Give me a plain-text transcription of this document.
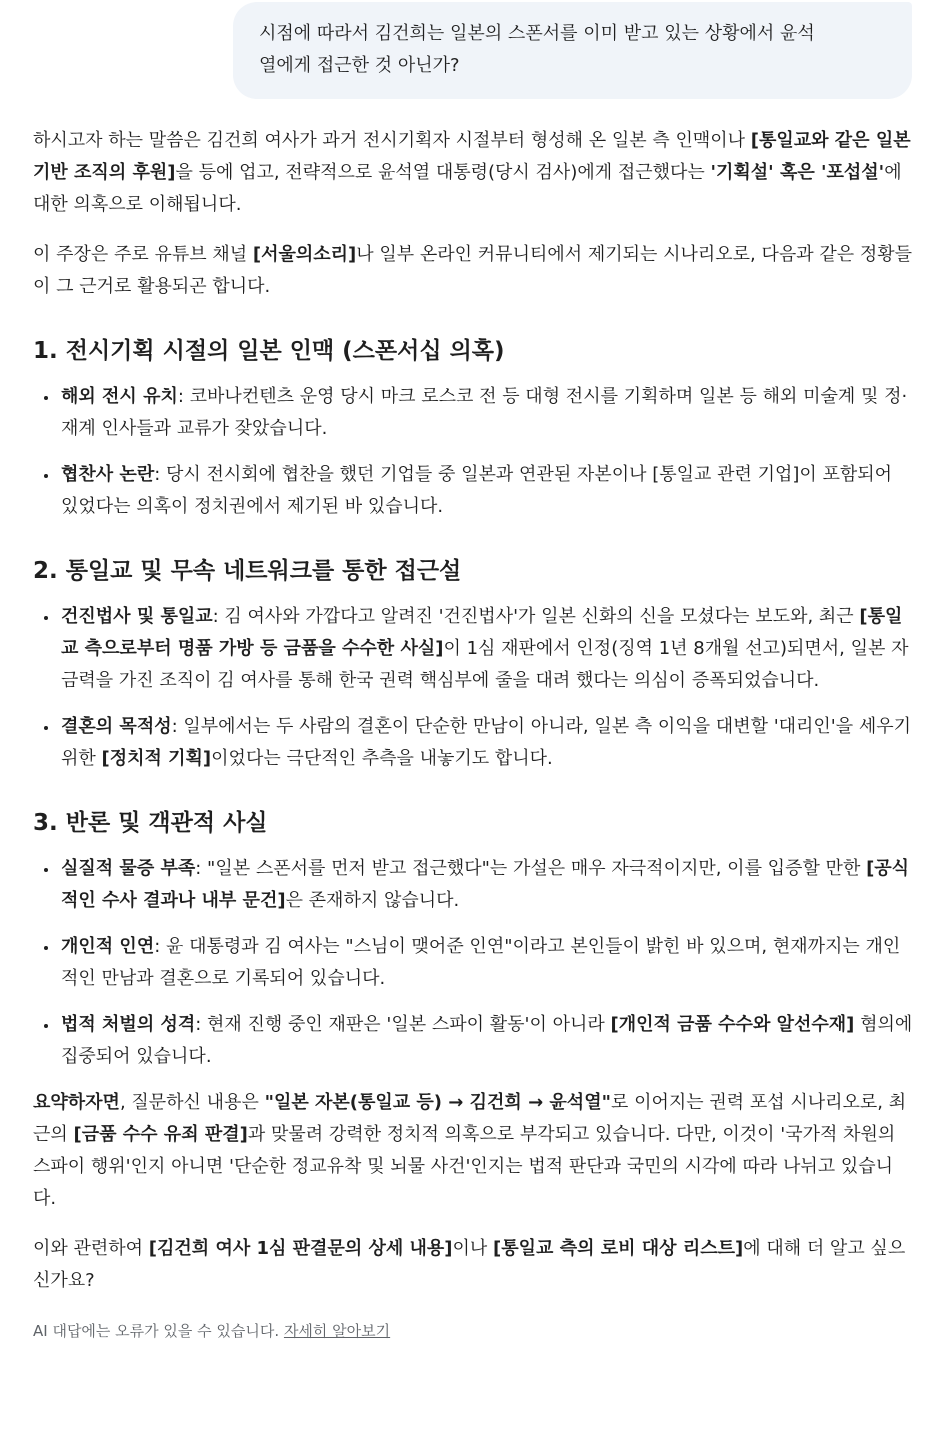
시점에 따라서 김건희는 일본의 스폰서를 이미 받고 있는 상황에서 윤석
열에게 접근한 것 아닌가?

하시고자 하는 말씀은 김건희 여사가 과거 전시기획자 시절부터 형성해 온 일본 측 인맥이나 [통일교와 같은 일본 기반 조직의 후원]을 등에 업고, 전략적으로 윤석열 대통령(당시 검사)에게 접근했다는 '기획설' 혹은 '포섭설'에 대한 의혹으로 이해됩니다.

이 주장은 주로 유튜브 채널 [서울의소리]나 일부 온라인 커뮤니티에서 제기되는 시나리오로, 다음과 같은 정황들이 그 근거로 활용되곤 합니다.

1. 전시기획 시절의 일본 인맥 (스폰서십 의혹)
• 해외 전시 유치: 코바나컨텐츠 운영 당시 마크 로스코 전 등 대형 전시를 기획하며 일본 등 해외 미술계 및 정·재계 인사들과 교류가 잦았습니다.
• 협찬사 논란: 당시 전시회에 협찬을 했던 기업들 중 일본과 연관된 자본이나 [통일교 관련 기업]이 포함되어 있었다는 의혹이 정치권에서 제기된 바 있습니다.
2. 통일교 및 무속 네트워크를 통한 접근설
• 건진법사 및 통일교: 김 여사와 가깝다고 알려진 '건진법사'가 일본 신화의 신을 모셨다는 보도와, 최근 [통일교 측으로부터 명품 가방 등 금품을 수수한 사실]이 1심 재판에서 인정(징역 1년 8개월 선고)되면서, 일본 자금력을 가진 조직이 김 여사를 통해 한국 권력 핵심부에 줄을 대려 했다는 의심이 증폭되었습니다.
• 결혼의 목적성: 일부에서는 두 사람의 결혼이 단순한 만남이 아니라, 일본 측 이익을 대변할 '대리인'을 세우기 위한 [정치적 기획]이었다는 극단적인 추측을 내놓기도 합니다.
3. 반론 및 객관적 사실
• 실질적 물증 부족: "일본 스폰서를 먼저 받고 접근했다"는 가설은 매우 자극적이지만, 이를 입증할 만한 [공식적인 수사 결과나 내부 문건]은 존재하지 않습니다.
• 개인적 인연: 윤 대통령과 김 여사는 "스님이 맺어준 인연"이라고 본인들이 밝힌 바 있으며, 현재까지는 개인적인 만남과 결혼으로 기록되어 있습니다.
• 법적 처벌의 성격: 현재 진행 중인 재판은 '일본 스파이 활동'이 아니라 [개인적 금품 수수와 알선수재] 혐의에 집중되어 있습니다.

요약하자면, 질문하신 내용은 "일본 자본(통일교 등) → 김건희 → 윤석열"로 이어지는 권력 포섭 시나리오로, 최근의 [금품 수수 유죄 판결]과 맞물려 강력한 정치적 의혹으로 부각되고 있습니다. 다만, 이것이 '국가적 차원의 스파이 행위'인지 아니면 '단순한 정교유착 및 뇌물 사건'인지는 법적 판단과 국민의 시각에 따라 나뉘고 있습니다.

이와 관련하여 [김건희 여사 1심 판결문의 상세 내용]이나 [통일교 측의 로비 대상 리스트]에 대해 더 알고 싶으신가요?

AI 대답에는 오류가 있을 수 있습니다. 자세히 알아보기
